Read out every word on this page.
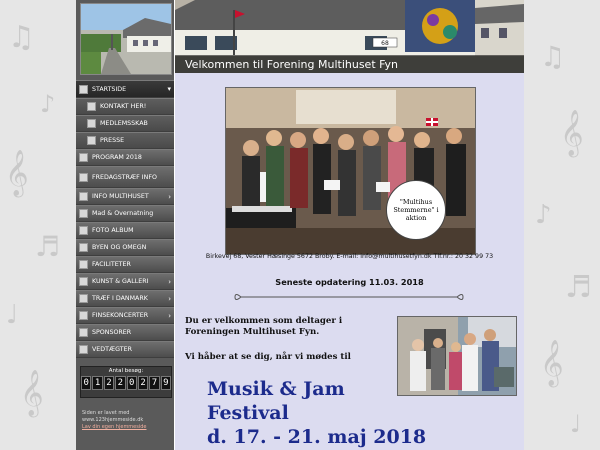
♫
♪
𝄞
♬
♩
𝄞
♫
𝄞
♪
♬
𝄞
♩
STARTSIDE	▾
KONTAKT HER!
MEDLEMSSKAB
PRESSE
PROGRAM 2018
FREDAGSTRÆF INFO
INFO MULTIHUSET	›
Mad & Overnatning
FOTO ALBUM
BYEN OG OMEGN
FACILITETER
KUNST & GALLERI	›
TRÆF I DANMARK	›
FINSEKONCERTER	›
SPONSORER
VEDTÆGTER
Antal besøg:
0 1 2 2 0 2 7 9
Siden er lavet med
www.123hjemmeside.dk
Lav din egen hjemmeside
68
Velkommen til Forening Multihuset Fyn
"Multihus Stemmerne" i aktion
Birkevej 68, Vester Hæsinge 5672 Broby. E-mail: info@multihusetfyn.dk Tlf.nr.: 20 32 99 73
Seneste opdatering 11.03. 2018
Du er velkommen som deltager i
Foreningen Multihuset Fyn.
Vi håber at se dig, når vi mødes til
Musik & Jam
Festival
d. 17. - 21. maj 2018
